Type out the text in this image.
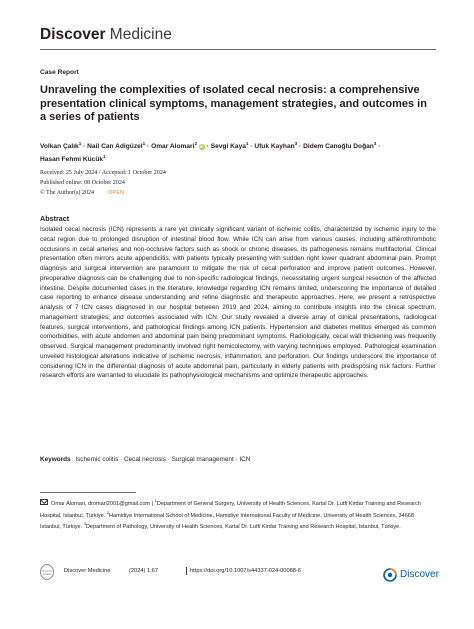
Discover Medicine
Case Report
Unraveling the complexities of ısolated cecal necrosis: a comprehensive presentation clinical symptoms, management strategies, and outcomes in a series of patients
Volkan Çalık$^1$ · Nail Can Adigüzel$^1$ · Omar Alomari$^2$ iD · Sevgi Kaya$^1$ · Ufuk Kayhan$^3$ · Didem Canoğlu Doğan$^3$ ·
Hasan Fehmi Kücük$^1$
Received: 25 July 2024 / Accepted: 1 October 2024
Published online: 08 October 2024
© The Author(s) 2024	OPEN
Abstract
Isolated cecal necrosis (ICN) represents a rare yet clinically significant variant of ischemic colitis, characterized by ischemic injury to the cecal region due to prolonged disruption of intestinal blood flow. While ICN can arise from various causes, including atherothrombotic occlusions in cecal arteries and non-occlusive factors such as shock or chronic diseases, its pathogenesis remains multifactorial. Clinical presentation often mirrors acute appendicitis, with patients typically presenting with sudden right lower quadrant abdominal pain. Prompt diagnosis and surgical intervention are paramount to mitigate the risk of cecal perforation and improve patient outcomes. However, preoperative diagnosis can be challenging due to non-specific radiological findings, necessitating urgent surgical resection of the affected intestine. Despite documented cases in the literature, knowledge regarding ICN remains limited, underscoring the importance of detailed case reporting to enhance disease understanding and refine diagnostic and therapeutic approaches. Here, we present a retrospective analysis of 7 ICN cases diagnosed in our hospital between 2019 and 2024, aiming to contribute insights into the clinical spectrum, management strategies, and outcomes associated with ICN. Our study revealed a diverse array of clinical presentations, radiological features, surgical interventions, and pathological findings among ICN patients. Hypertension and diabetes mellitus emerged as common comorbidities, with acute abdomen and abdominal pain being predominant symptoms. Radiologically, cecal wall thickening was frequently observed. Surgical management predominantly involved right hemicolectomy, with varying techniques employed. Pathological examination unveiled histological alterations indicative of ischemic necrosis, inflammation, and perforation. Our findings underscore the importance of considering ICN in the differential diagnosis of acute abdominal pain, particularly in elderly patients with predisposing risk factors. Further research efforts are warranted to elucidate its pathophysiological mechanisms and optimize therapeutic approaches.
Keywords Ischemic colitis · Cecal necrosis · Surgical management · ICN
Omar Alomari, dromari2001@gmail.com | $^1$Department of General Surgery, University of Health Sciences, Kartal Dr. Lutfi Kirdar Training and Research Hospital, Istanbul, Türkiye. $^2$Hamidiye International School of Medicine, Hamidiye International Faculty of Medicine, University of Health Sciences, 34668 Istanbul, Türkiye. $^3$Department of Pathology, University of Health Sciences, Kartal Dr. Lutfi Kirdar Training and Research Hospital, Istanbul, Türkiye.
Check for updates	Discover Medicine	(2024) 1:67	https://doi.org/10.1007/s44337-024-00088-6	Discover
